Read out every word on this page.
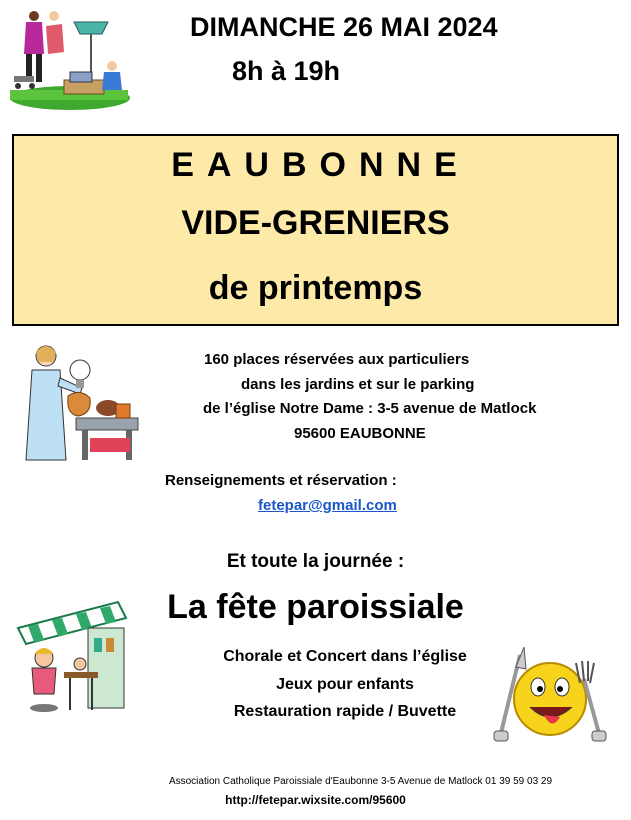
DIMANCHE 26 MAI 2024
8h à 19h
EAUBONNE
VIDE-GRENIERS
de printemps
160 places réservées aux particuliers
dans les jardins et sur le parking
de l’église Notre Dame : 3-5 avenue de Matlock
95600 EAUBONNE
Renseignements et réservation :
fetepar@gmail.com
Et toute la journée :
La fête paroissiale
Chorale et Concert dans l’église
Jeux pour enfants
Restauration rapide / Buvette
Association Catholique Paroissiale d'Eaubonne 3-5 Avenue de Matlock 01 39 59 03 29
http://fetepar.wixsite.com/95600
